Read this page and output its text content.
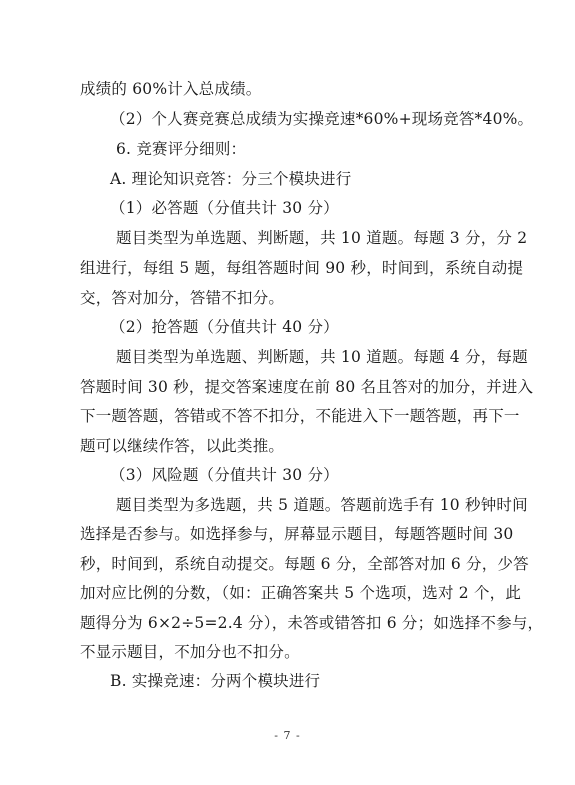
成绩的 60%计入总成绩。
（2）个人赛竞赛总成绩为实操竞速*60%+现场竞答*40%。
6. 竞赛评分细则：
A. 理论知识竞答：分三个模块进行
（1）必答题（分值共计 30 分）
题目类型为单选题、判断题，共 10 道题。每题 3 分，分 2
组进行，每组 5 题，每组答题时间 90 秒，时间到，系统自动提
交，答对加分，答错不扣分。
（2）抢答题（分值共计 40 分）
题目类型为单选题、判断题，共 10 道题。每题 4 分，每题
答题时间 30 秒，提交答案速度在前 80 名且答对的加分，并进入
下一题答题，答错或不答不扣分，不能进入下一题答题，再下一
题可以继续作答，以此类推。
（3）风险题（分值共计 30 分）
题目类型为多选题，共 5 道题。答题前选手有 10 秒钟时间
选择是否参与。如选择参与，屏幕显示题目，每题答题时间 30
秒，时间到，系统自动提交。每题 6 分，全部答对加 6 分，少答
加对应比例的分数，（如：正确答案共 5 个选项，选对 2 个，此
题得分为 6×2÷5=2.4 分），未答或错答扣 6 分；如选择不参与，
不显示题目，不加分也不扣分。
B. 实操竞速：分两个模块进行
- 7 -
